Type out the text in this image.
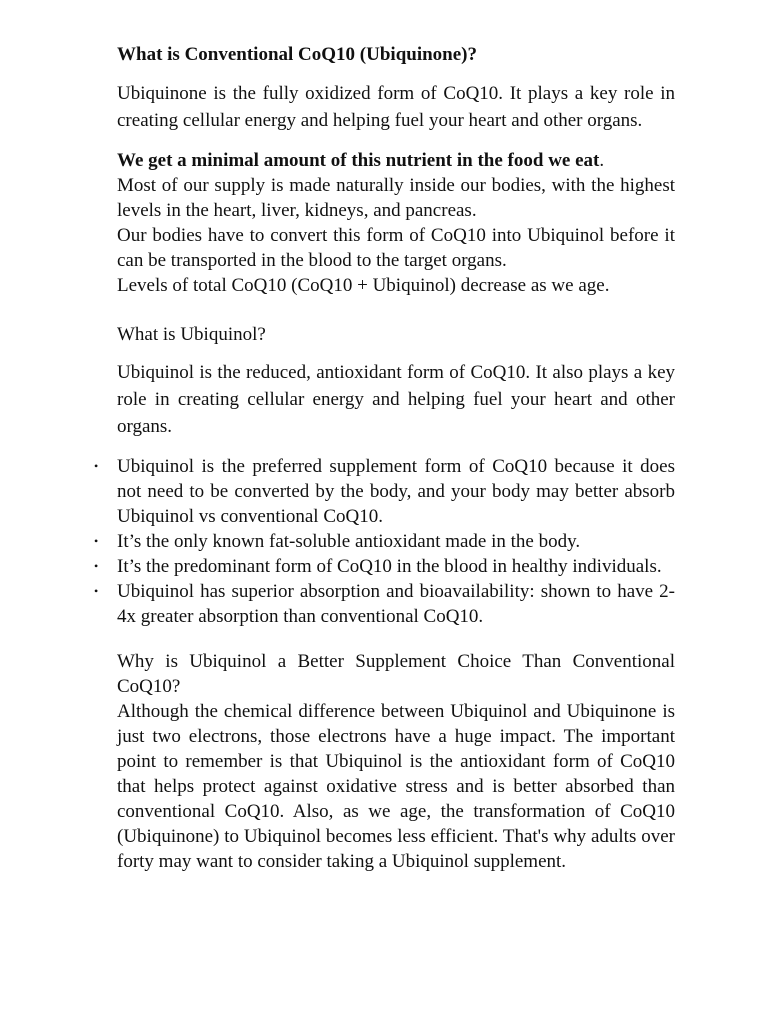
What is Conventional CoQ10 (Ubiquinone)?

Ubiquinone is the fully oxidized form of CoQ10. It plays a key role in creating cellular energy and helping fuel your heart and other organs.

We get a minimal amount of this nutrient in the food we eat.
Most of our supply is made naturally inside our bodies, with the highest levels in the heart, liver, kidneys, and pancreas.
Our bodies have to convert this form of CoQ10 into Ubiquinol before it can be transported in the blood to the target organs.
Levels of total CoQ10 (CoQ10 + Ubiquinol) decrease as we age.
What is Ubiquinol?

Ubiquinol is the reduced, antioxidant form of CoQ10. It also plays a key role in creating cellular energy and helping fuel your heart and other organs.

• Ubiquinol is the preferred supplement form of CoQ10 because it does not need to be converted by the body, and your body may better absorb Ubiquinol vs conventional CoQ10.
• It’s the only known fat-soluble antioxidant made in the body.
• It’s the predominant form of CoQ10 in the blood in healthy individuals.
• Ubiquinol has superior absorption and bioavailability: shown to have 2-4x greater absorption than conventional CoQ10.
Why is Ubiquinol a Better Supplement Choice Than Conventional CoQ10?

Although the chemical difference between Ubiquinol and Ubiquinone is just two electrons, those electrons have a huge impact. The important point to remember is that Ubiquinol is the antioxidant form of CoQ10 that helps protect against oxidative stress and is better absorbed than conventional CoQ10. Also, as we age, the transformation of CoQ10 (Ubiquinone) to Ubiquinol becomes less efficient. That's why adults over forty may want to consider taking a Ubiquinol supplement.
